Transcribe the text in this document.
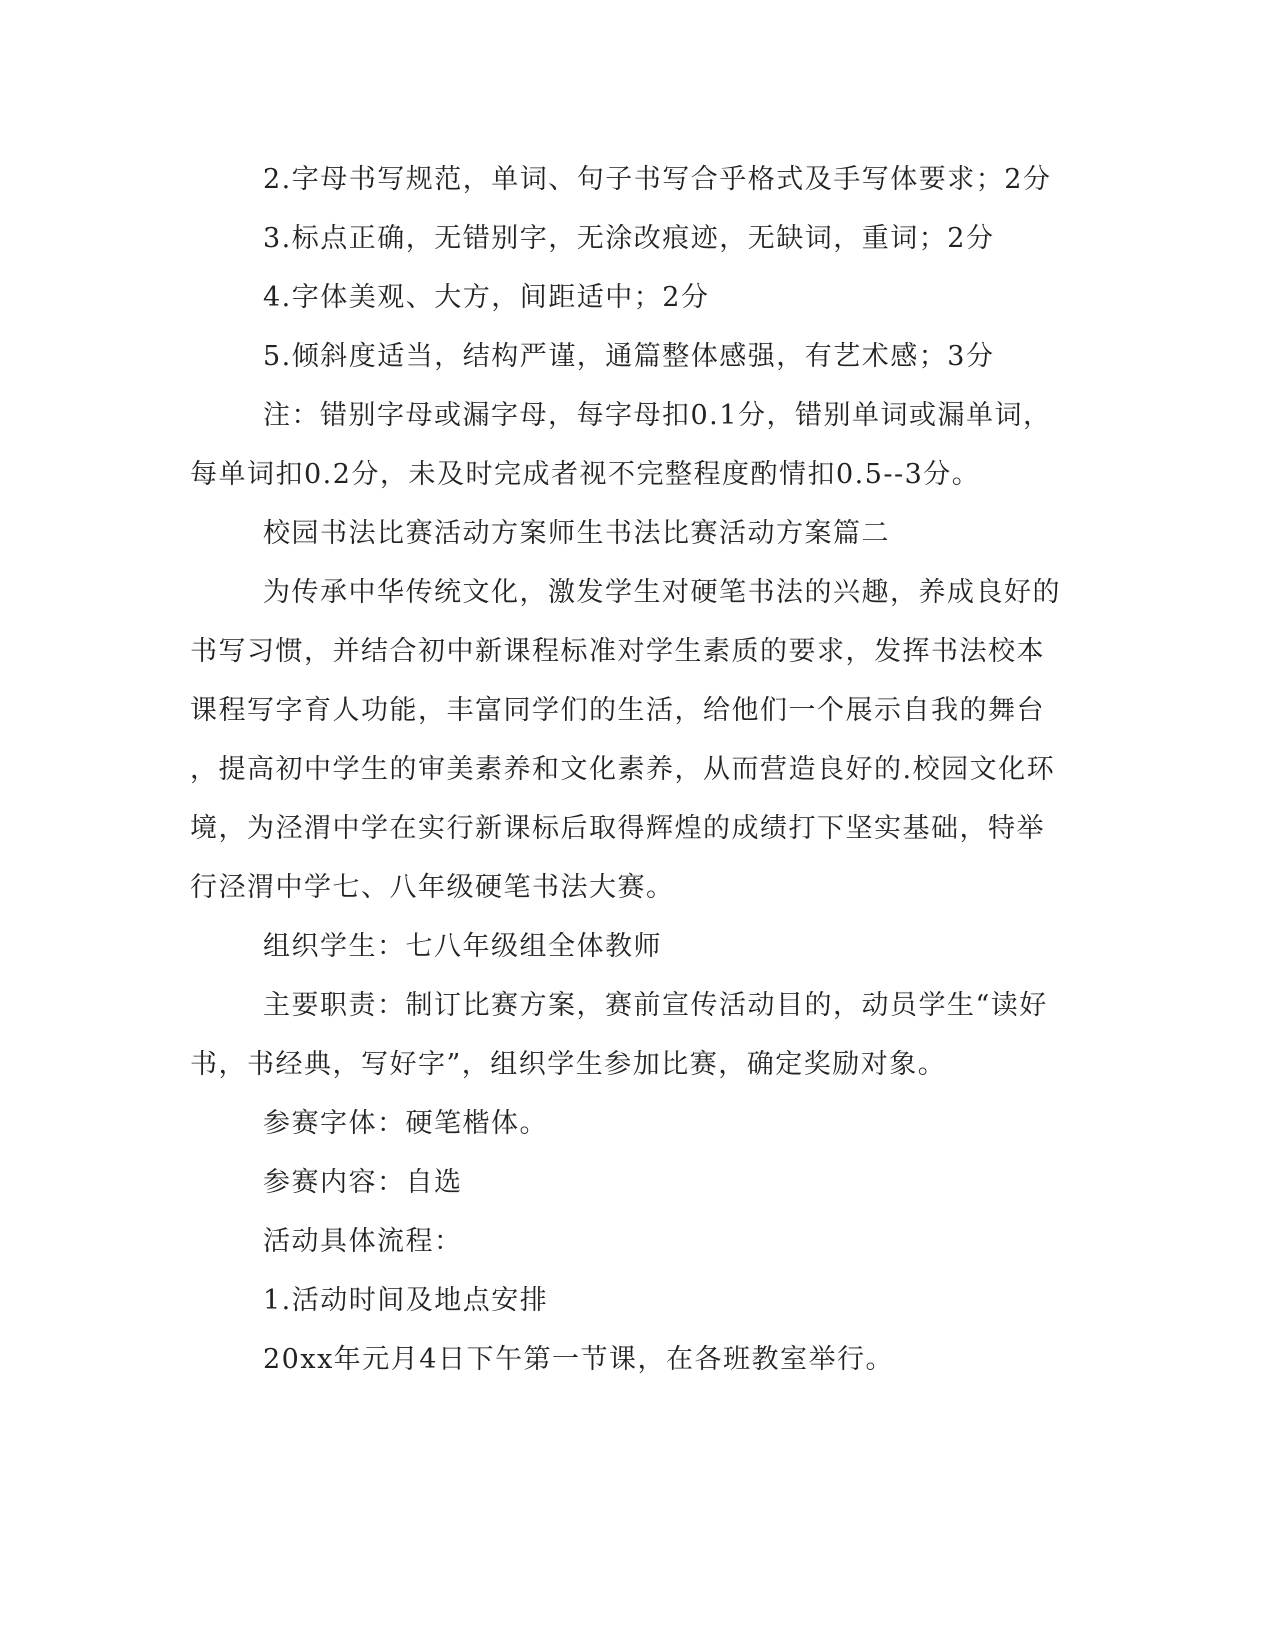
2.字母书写规范，单词、句子书写合乎格式及手写体要求；2分

3.标点正确，无错别字，无涂改痕迹，无缺词，重词；2分

4.字体美观、大方，间距适中；2分

5.倾斜度适当，结构严谨，通篇整体感强，有艺术感；3分

注：错别字母或漏字母，每字母扣0.1分，错别单词或漏单词，

每单词扣0.2分，未及时完成者视不完整程度酌情扣0.5--3分。

校园书法比赛活动方案师生书法比赛活动方案篇二

为传承中华传统文化，激发学生对硬笔书法的兴趣，养成良好的

书写习惯，并结合初中新课程标准对学生素质的要求，发挥书法校本

课程写字育人功能，丰富同学们的生活，给他们一个展示自我的舞台

，提高初中学生的审美素养和文化素养，从而营造良好的.校园文化环

境，为泾渭中学在实行新课标后取得辉煌的成绩打下坚实基础，特举

行泾渭中学七、八年级硬笔书法大赛。

组织学生：七八年级组全体教师

主要职责：制订比赛方案，赛前宣传活动目的，动员学生“读好

书，书经典，写好字”，组织学生参加比赛，确定奖励对象。

参赛字体：硬笔楷体。

参赛内容：自选

活动具体流程：

1.活动时间及地点安排

20xx年元月4日下午第一节课，在各班教室举行。
